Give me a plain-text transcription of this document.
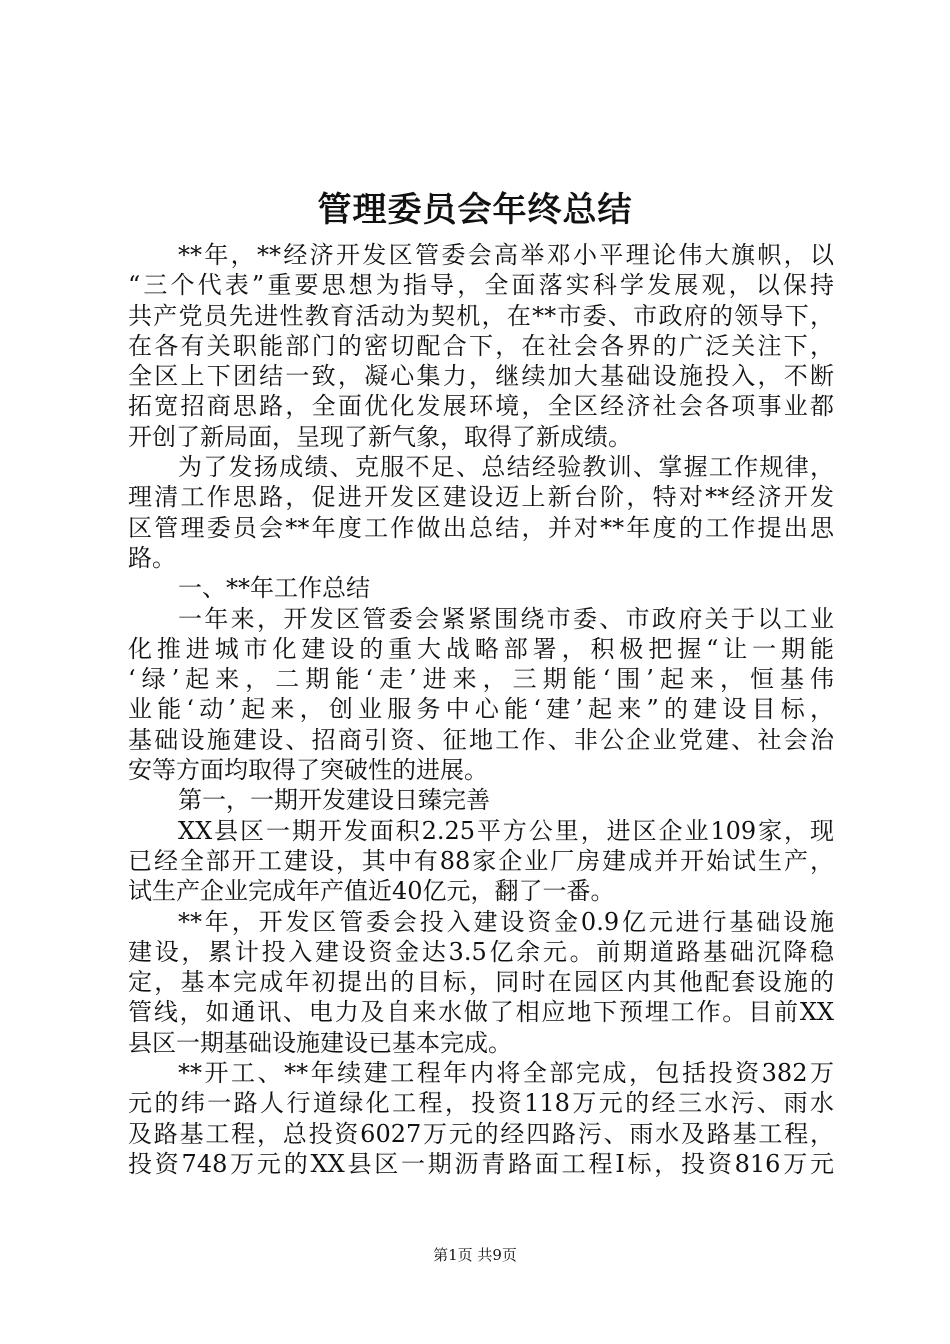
管理委员会年终总结
**年，**经济开发区管委会高举邓小平理论伟大旗帜，以
“三个代表”重要思想为指导，全面落实科学发展观，以保持
共产党员先进性教育活动为契机，在**市委、市政府的领导下，
在各有关职能部门的密切配合下，在社会各界的广泛关注下，
全区上下团结一致，凝心集力，继续加大基础设施投入，不断
拓宽招商思路，全面优化发展环境，全区经济社会各项事业都
开创了新局面，呈现了新气象，取得了新成绩。
为了发扬成绩、克服不足、总结经验教训、掌握工作规律，
理清工作思路，促进开发区建设迈上新台阶，特对**经济开发
区管理委员会**年度工作做出总结，并对**年度的工作提出思
路。
一、**年工作总结
一年来，开发区管委会紧紧围绕市委、市政府关于以工业
化推进城市化建设的重大战略部署，积极把握“让一期能
‘绿’起来，二期能‘走’进来，三期能‘围’起来，恒基伟
业能‘动’起来，创业服务中心能‘建’起来”的建设目标，
基础设施建设、招商引资、征地工作、非公企业党建、社会治
安等方面均取得了突破性的进展。
第一，一期开发建设日臻完善
XX县区一期开发面积2.25平方公里，进区企业109家，现
已经全部开工建设，其中有88家企业厂房建成并开始试生产，
试生产企业完成年产值近40亿元，翻了一番。
**年，开发区管委会投入建设资金0.9亿元进行基础设施
建设，累计投入建设资金达3.5亿余元。前期道路基础沉降稳
定，基本完成年初提出的目标，同时在园区内其他配套设施的
管线，如通讯、电力及自来水做了相应地下预埋工作。目前XX
县区一期基础设施建设已基本完成。
**开工、**年续建工程年内将全部完成，包括投资382万
元的纬一路人行道绿化工程，投资118万元的经三水污、雨水
及路基工程，总投资6027万元的经四路污、雨水及路基工程，
投资748万元的XX县区一期沥青路面工程Ⅰ标，投资816万元
第1页 共9页
